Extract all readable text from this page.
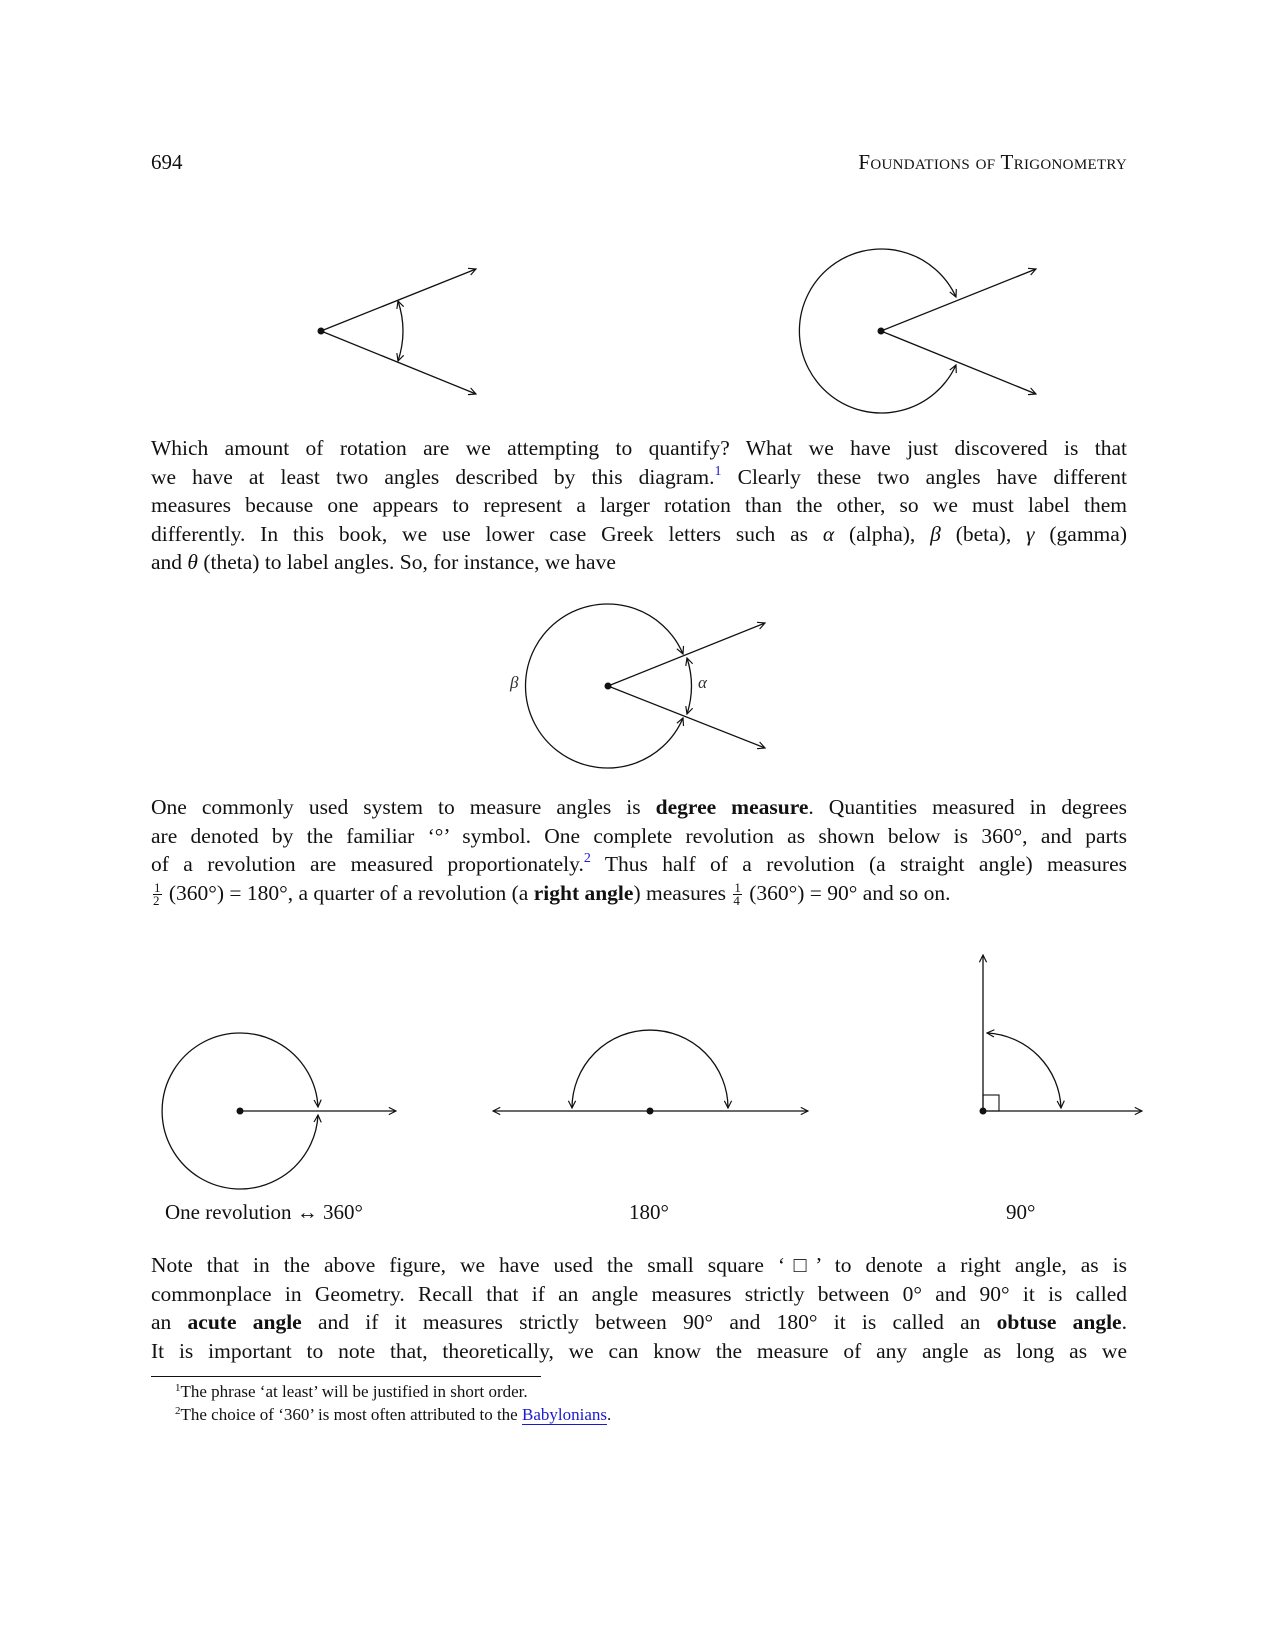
694	Foundations of Trigonometry
β	α
Which amount of rotation are we attempting to quantify? What we have just discovered is that
we have at least two angles described by this diagram.$^1$ Clearly these two angles have different
measures because one appears to represent a larger rotation than the other, so we must label them
differently. In this book, we use lower case Greek letters such as α (alpha), β (beta), γ (gamma)
and θ (theta) to label angles. So, for instance, we have
One commonly used system to measure angles is degree measure. Quantities measured in degrees
are denoted by the familiar ‘°’ symbol. One complete revolution as shown below is 360°, and parts
of a revolution are measured proportionately.$^2$ Thus half of a revolution (a straight angle) measures
$\frac{1}{2} (360^\circ) = 180^\circ$, a quarter of a revolution (a right angle) measures $\frac{1}{4} (360^\circ) = 90^\circ$ and so on.
One revolution ↔ 360°	180°	90°
Note that in the above figure, we have used the small square ‘□’ to denote a right angle, as is
commonplace in Geometry. Recall that if an angle measures strictly between 0° and 90° it is called
an acute angle and if it measures strictly between 90° and 180° it is called an obtuse angle.
It is important to note that, theoretically, we can know the measure of any angle as long as we
$^1$The phrase ‘at least’ will be justified in short order.
$^2$The choice of ‘360’ is most often attributed to the Babylonians.
